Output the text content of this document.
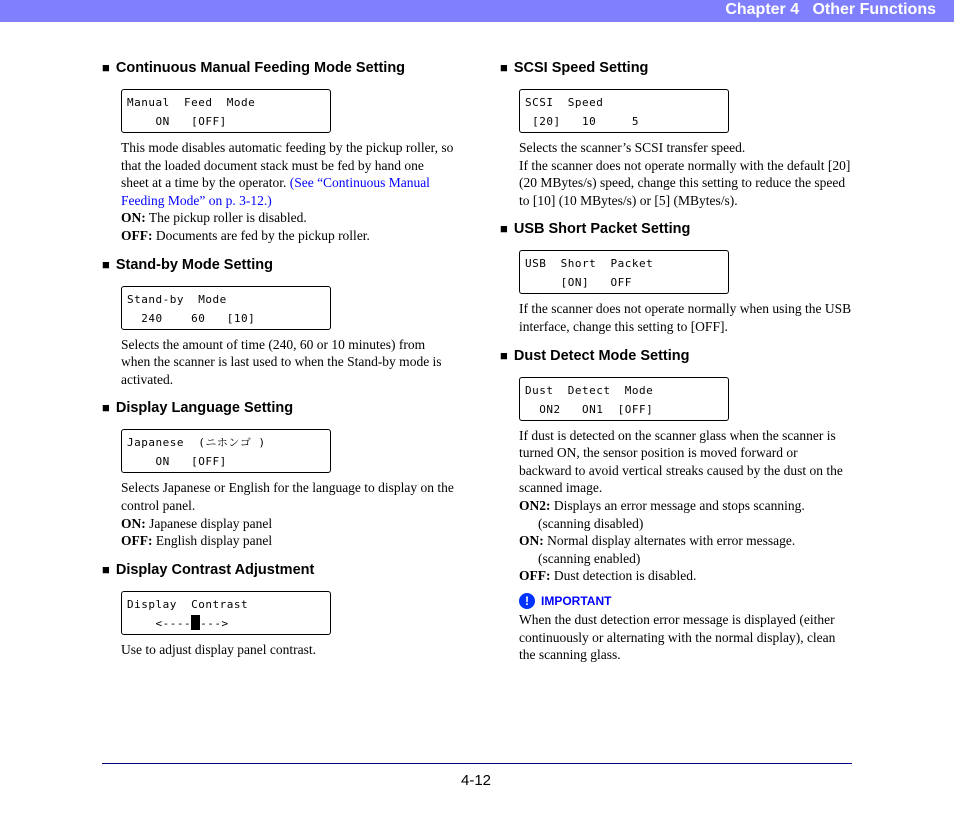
Chapter 4   Other Functions
■ Continuous Manual Feeding Mode Setting
Manual  Feed  Mode
ON   [OFF]

This mode disables automatic feeding by the pickup roller, so that the loaded document stack must be fed by hand one sheet at a time by the operator. (See “Continuous Manual Feeding Mode” on p. 3-12.)

ON: The pickup roller is disabled.

OFF: Documents are fed by the pickup roller.

■ Stand-by Mode Setting
Stand-by  Mode
240    60   [10]

Selects the amount of time (240, 60 or 10 minutes) from when the scanner is last used to when the Stand-by mode is activated.

■ Display Language Setting
Japanese  (ニホンゴ )
ON   [OFF]

Selects Japanese or English for the language to display on the control panel.

ON: Japanese display panel

OFF: English display panel

■ Display Contrast Adjustment
Display  Contrast
<---- --->

Use to adjust display panel contrast.

■ SCSI Speed Setting
SCSI  Speed
[20]   10     5

Selects the scanner’s SCSI transfer speed.

If the scanner does not operate normally with the default [20] (20 MBytes/s) speed, change this setting to reduce the speed to [10] (10 MBytes/s) or [5] (MBytes/s).

■ USB Short Packet Setting
USB  Short  Packet
[ON]   OFF

If the scanner does not operate normally when using the USB interface, change this setting to [OFF].

■ Dust Detect Mode Setting
Dust  Detect  Mode
ON2   ON1  [OFF]

If dust is detected on the scanner glass when the scanner is turned ON, the sensor position is moved forward or backward to avoid vertical streaks caused by the dust on the scanned image.

ON2: Displays an error message and stops scanning.

(scanning disabled)

ON: Normal display alternates with error message.

(scanning enabled)

OFF: Dust detection is disabled.

!	IMPORTANT

When the dust detection error message is displayed (either continuously or alternating with the normal display), clean the scanning glass.

4-12
